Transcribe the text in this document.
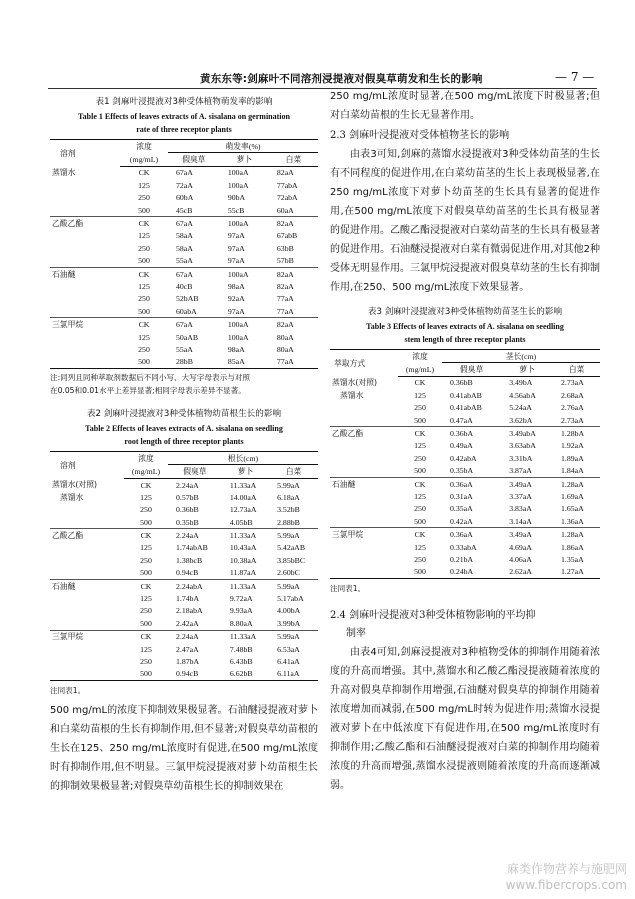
黄东东等:剑麻叶不同溶剂浸提液对假臭草萌发和生长的影响	— 7 —
表1 剑麻叶浸提液对3种受体植物萌发率的影响
Table 1 Effects of leaves extracts of A. sisalana on germination
rate of three receptor plants
溶剂	浓度	萌发率(%)		
	(mg/mL)	假臭草	萝卜	白菜
蒸馏水	CK	67aA	100aA	82aA
	125	72aA	100aA	77abA
	250	60bA	90bA	72abA
	500	45cB	55cB	60aA
乙酸乙酯	CK	67aA	100aA	82aA
	125	58aA	97aA	67abB
	250	58aA	97aA	63bB
	500	55aA	97aA	57bB
石油醚	CK	67aA	100aA	82aA
	125	40cB	98aA	82aA
	250	52bAB	92aA	77aA
	500	60abA	97aA	77aA
三氯甲烷	CK	67aA	100aA	82aA
	125	50aAB	100aA	80aA
	250	55aA	98aA	80aA
	500	28bB	85aA	77aA
注:同列且同种萃取剂数据后不同小写、大写字母表示与对照
在0.05和0.01水平上差异显著;相同字母表示差异不显著。
表2 剑麻叶浸提液对3种受体植物幼苗根生长的影响
Table 2 Effects of leaves extracts of A. sisalana on seedling
root length of three receptor plants
溶剂	浓度	根长(cm)		
	(mg/mL)	假臭草	萝卜	白菜
蒸馏水(对照)	CK	2.24aA	11.33aA	5.99aA
蒸馏水	125	0.57bB	14.00aA	6.18aA
	250	0.36bB	12.73aA	3.52bB
	500	0.35bB	4.05bB	2.88bB
乙酸乙酯	CK	2.24aA	11.33aA	5.99aA
	125	1.74abAB	10.43aA	5.42aAB
	250	1.38bcB	10.38aA	3.85bBC
	500	0.94cB	11.87aA	2.60bC
石油醚	CK	2.24abA	11.33aA	5.99aA
	125	1.74bA	9.72aA	5.17abA
	250	2.18abA	9.93aA	4.00bA
	500	2.42aA	8.80aA	3.99bA
三氯甲烷	CK	2.24aA	11.33aA	5.99aA
	125	2.47aA	7.48bB	6.53aA
	250	1.87bA	6.43bB	6.41aA
	500	0.94cB	6.62bB	6.11aA
注同表1。
500 mg/mL的浓度下抑制效果极显著。石油醚浸提液对萝卜和白菜幼苗根的生长有抑制作用,但不显著;对假臭草幼苗根的生长在125、250 mg/mL浓度时有促进,在500 mg/mL浓度时有抑制作用,但不明显。三氯甲烷浸提液对萝卜幼苗根生长的抑制效果极显著;对假臭草幼苗根生长的抑制效果在
250 mg/mL浓度时显著,在500 mg/mL浓度下时极显著;但对白菜幼苗根的生长无显著作用。
2.3 剑麻叶浸提液对受体植物茎长的影响
由表3可知,剑麻的蒸馏水浸提液对3种受体幼苗茎的生长有不同程度的促进作用,在白菜幼苗茎的生长上表现极显著,在250 mg/mL浓度下对萝卜幼苗茎的生长具有显著的促进作用,在500 mg/mL浓度下对假臭草幼苗茎的生长具有极显著的促进作用。乙酸乙酯浸提液对白菜幼苗茎的生长具有极显著的促进作用。石油醚浸提液对白菜有微弱促进作用,对其他2种受体无明显作用。三氯甲烷浸提液对假臭草幼茎的生长有抑制作用,在250、500 mg/mL浓度下效果显著。
表3 剑麻叶浸提液对3种受体植物幼苗茎生长的影响
Table 3 Effects of leaves extracts of A. sisalana on seedling
stem length of three receptor plants
萃取方式	浓度	茎长(cm)		
	(mg/mL)	假臭草	萝卜	白菜
蒸馏水(对照)	CK	0.36bB	3.49bA	2.73aA
蒸馏水	125	0.41abAB	4.56abA	2.68aA
	250	0.41abAB	5.24aA	2.76aA
	500	0.47aA	3.62bA	2.73aA
乙酸乙酯	CK	0.36bA	3.49abA	1.28bA
	125	0.49aA	3.63abA	1.92aA
	250	0.42abA	3.31bA	1.89aA
	500	0.35bA	3.87aA	1.84aA
石油醚	CK	0.36aA	3.49aA	1.28aA
	125	0.31aA	3.37aA	1.69aA
	250	0.35aA	3.83aA	1.65aA
	500	0.42aA	3.14aA	1.36aA
三氯甲烷	CK	0.36aA	3.49aA	1.28aA
	125	0.33abA	4.69aA	1.86aA
	250	0.21bA	4.06aA	1.35aA
	500	0.24bA	2.62aA	1.27aA
注同表1。
2.4 剑麻叶浸提液对3种受体植物影响的平均抑
制率
由表4可知,剑麻浸提液对3种植物受体的抑制作用随着浓度的升高而增强。其中,蒸馏水和乙酸乙酯浸提液随着浓度的升高对假臭草抑制作用增强,石油醚对假臭草的抑制作用随着浓度增加而减弱,在500 mg/mL时转为促进作用;蒸馏水浸提液对萝卜在中低浓度下有促进作用,在500 mg/mL浓度时有抑制作用;乙酸乙酯和石油醚浸提液对白菜的抑制作用均随着浓度的升高而增强,蒸馏水浸提液则随着浓度的升高而逐渐减弱。
麻类作物营养与施肥网
www.fibercrops.com
